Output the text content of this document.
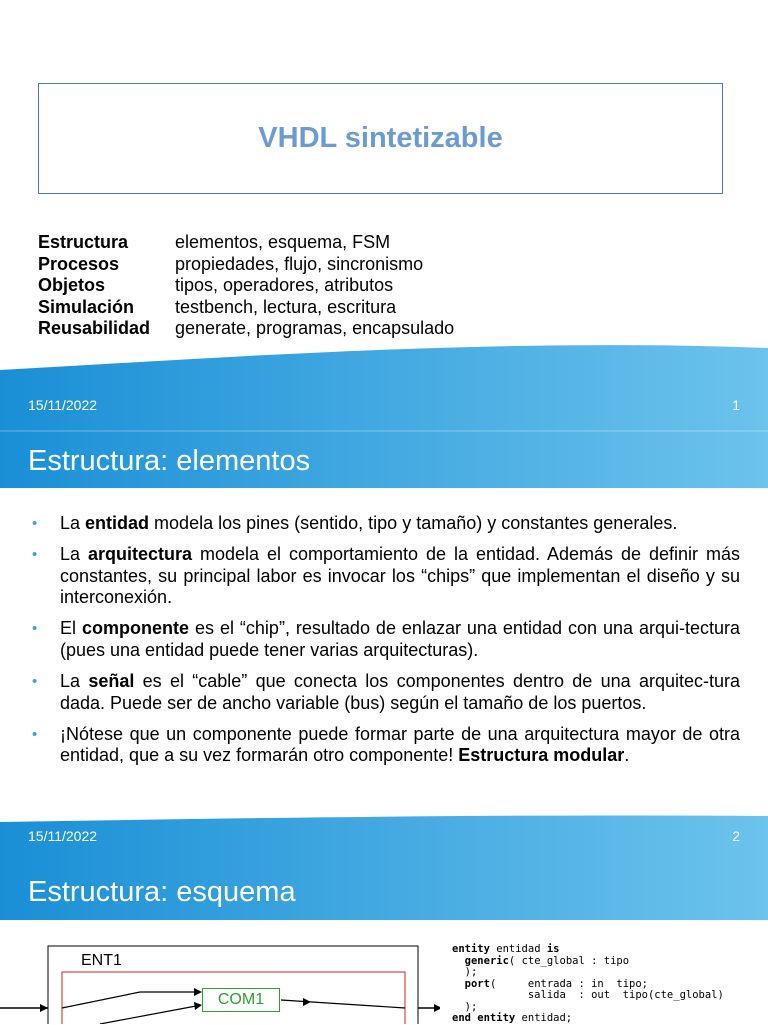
VHDL sintetizable
Estructura	elementos, esquema, FSM
Procesos	propiedades, flujo, sincronismo
Objetos	tipos, operadores, atributos
Simulación	testbench, lectura, escritura
Reusabilidad	generate, programas, encapsulado
15/11/2022	1
Estructura: elementos
• La entidad modela los pines (sentido, tipo y tamaño) y constantes generales.
• La arquitectura modela el comportamiento de la entidad. Además de definir más constantes, su principal labor es invocar los “chips” que implementan el diseño y su interconexión.
• El componente es el “chip”, resultado de enlazar una entidad con una arqui-tectura (pues una entidad puede tener varias arquitecturas).
• La señal es el “cable” que conecta los componentes dentro de una arquitec-tura dada. Puede ser de ancho variable (bus) según el tamaño de los puertos.
• ¡Nótese que un componente puede formar parte de una arquitectura mayor de otra entidad, que a su vez formarán otro componente! Estructura modular.
15/11/2022	2
Estructura: esquema
ENT1
COM1
entity entidad is
generic( cte_global : tipo
);
port(     entrada : in  tipo;
salida  : out  tipo(cte_global)
);
end entity entidad;
